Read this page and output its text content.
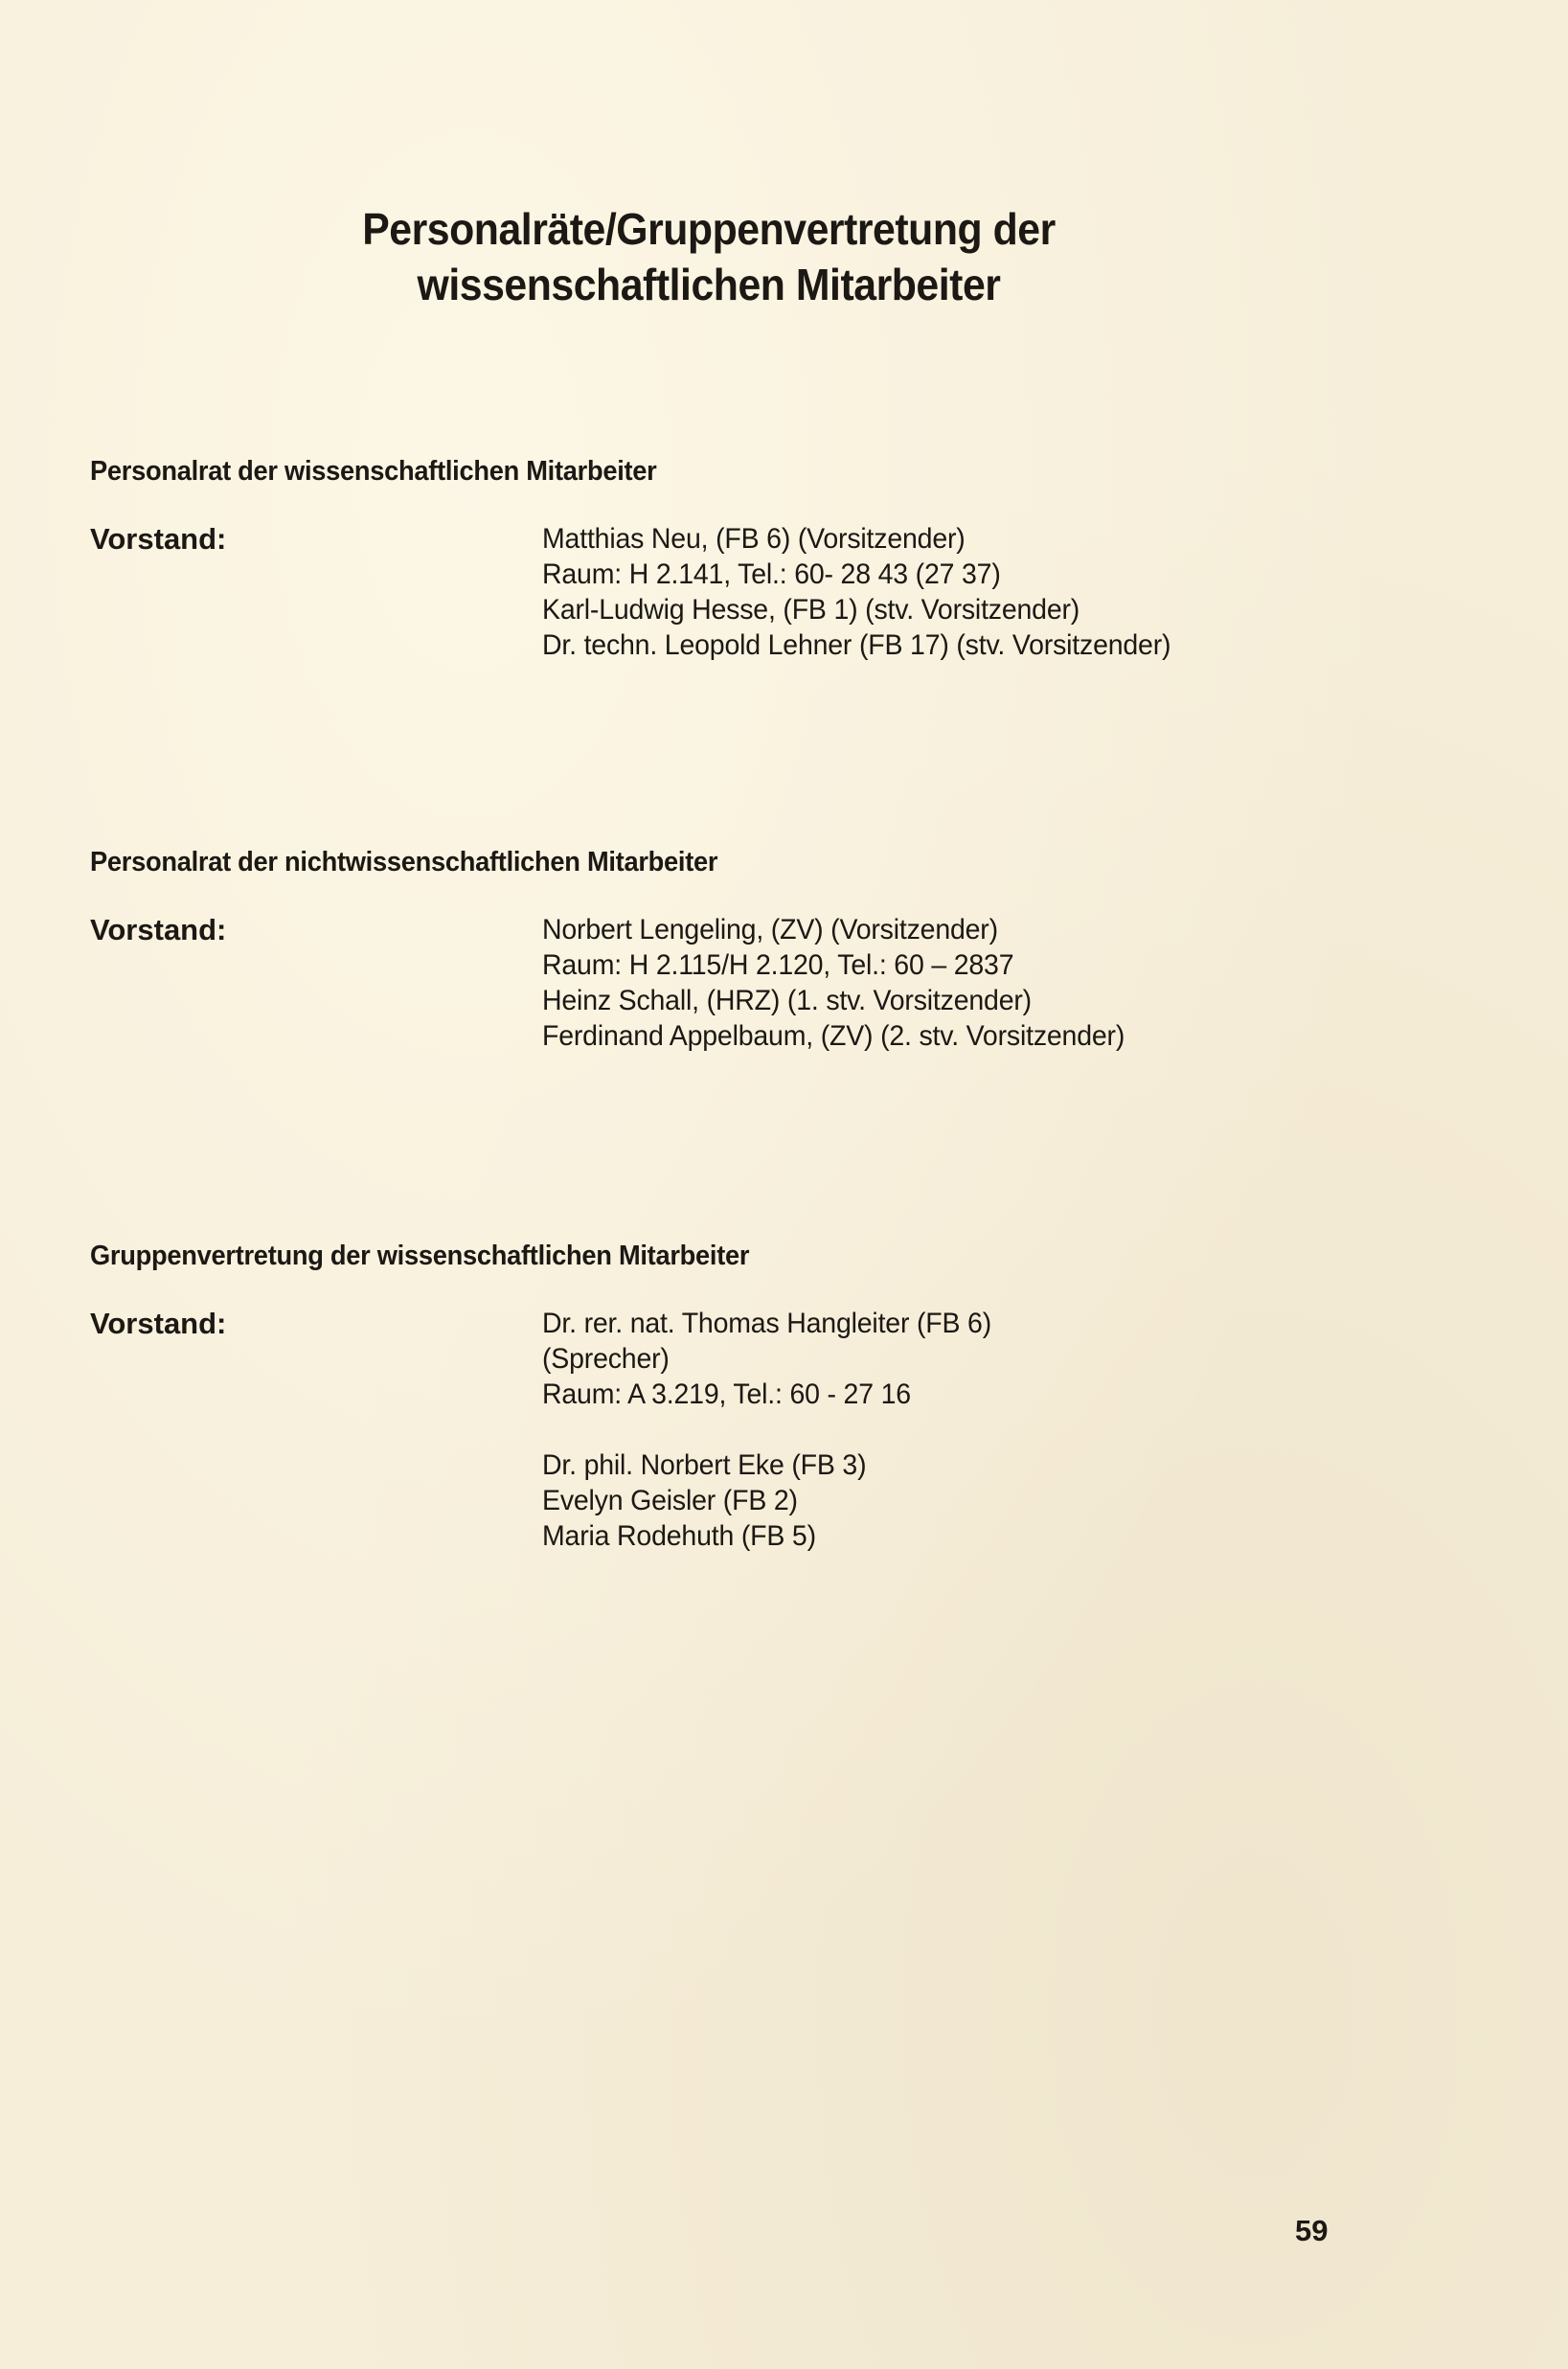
Personalräte/Gruppenvertretung der
wissenschaftlichen Mitarbeiter
Personalrat der wissenschaftlichen Mitarbeiter
Vorstand:	Matthias Neu, (FB 6) (Vorsitzender)
Raum: H 2.141, Tel.: 60- 28 43 (27 37)
Karl-Ludwig Hesse, (FB 1) (stv. Vorsitzender)
Dr. techn. Leopold Lehner (FB 17) (stv. Vorsitzender)
Personalrat der nichtwissenschaftlichen Mitarbeiter
Vorstand:	Norbert Lengeling, (ZV) (Vorsitzender)
Raum: H 2.115/H 2.120, Tel.: 60 – 2837
Heinz Schall, (HRZ) (1. stv. Vorsitzender)
Ferdinand Appelbaum, (ZV) (2. stv. Vorsitzender)
Gruppenvertretung der wissenschaftlichen Mitarbeiter
Vorstand:	Dr. rer. nat. Thomas Hangleiter (FB 6)
(Sprecher)
Raum: A 3.219, Tel.: 60 - 27 16
Dr. phil. Norbert Eke (FB 3)
Evelyn Geisler (FB 2)
Maria Rodehuth (FB 5)
59
